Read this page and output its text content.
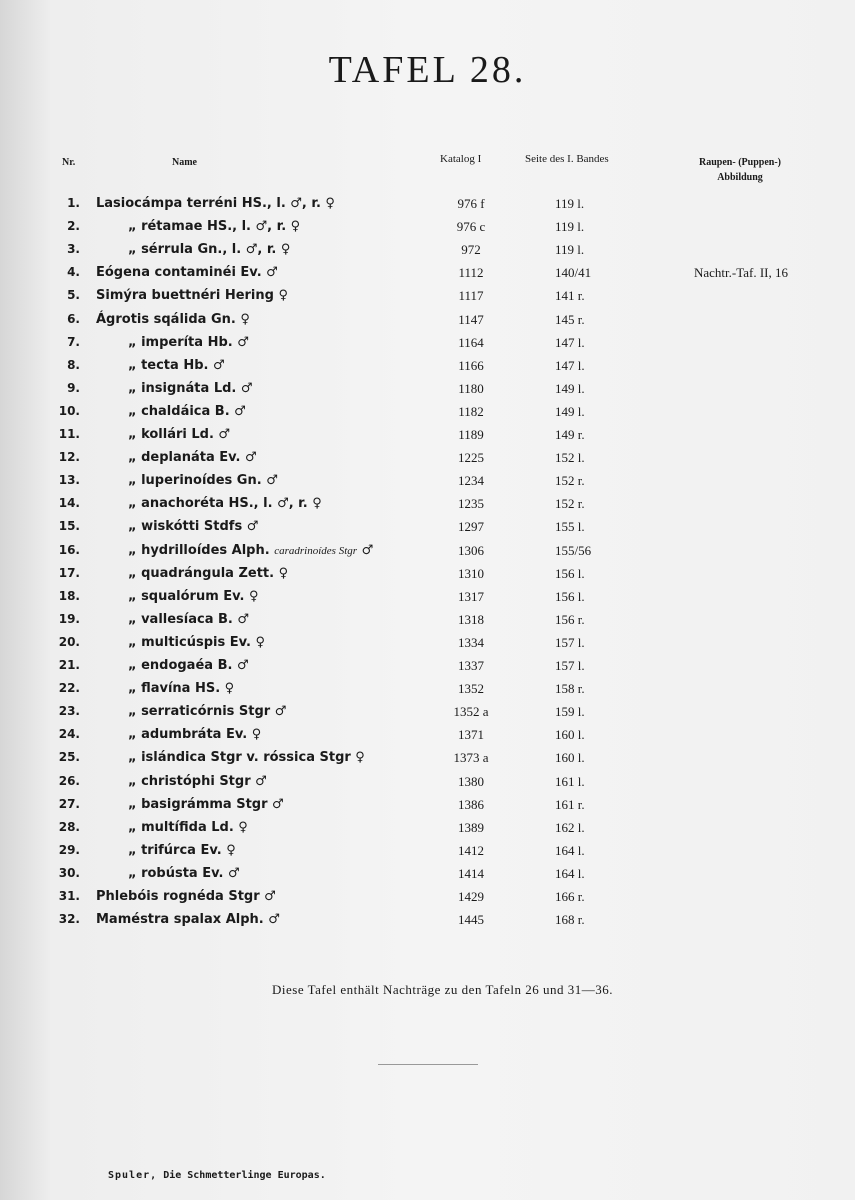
TAFEL 28.
Nr.	Name	Katalog I	Seite des I. Bandes	Raupen- (Puppen-)
Abbildung
1. Lasiocámpa terréni HS., l. ♂, r. ♀	976 f	119 l.
2.	„ rétamae HS., l. ♂, r. ♀	976 c	119 l.
3.	„ sérrula Gn., l. ♂, r. ♀	972	119 l.
4. Eógena contaminéi Ev. ♂	1112	140/41	Nachtr.-Taf. II, 16
5. Simýra buettnéri Hering ♀	1117	141 r.
6. Ágrotis sqálida Gn. ♀	1147	145 r.
7.	„ imperíta Hb. ♂	1164	147 l.
8.	„ tecta Hb. ♂	1166	147 l.
9.	„ insignáta Ld. ♂	1180	149 l.
10.	„ chaldáica B. ♂	1182	149 l.
11.	„ kollári Ld. ♂	1189	149 r.
12.	„ deplanáta Ev. ♂	1225	152 l.
13.	„ luperinoídes Gn. ♂	1234	152 r.
14.	„ anachoréta HS., l. ♂, r. ♀	1235	152 r.
15.	„ wiskótti Stdfs ♂	1297	155 l.
16.	„ hydrilloídes Alph. caradrinoídes Stgr ♂	1306	155/56
17.	„ quadrángula Zett. ♀	1310	156 l.
18.	„ squalórum Ev. ♀	1317	156 l.
19.	„ vallesíaca B. ♂	1318	156 r.
20.	„ multicúspis Ev. ♀	1334	157 l.
21.	„ endogaéa B. ♂	1337	157 l.
22.	„ flavína HS. ♀	1352	158 r.
23.	„ serraticórnis Stgr ♂	1352 a	159 l.
24.	„ adumbráta Ev. ♀	1371	160 l.
25.	„ islándica Stgr v. róssica Stgr ♀	1373 a	160 l.
26.	„ christóphi Stgr ♂	1380	161 l.
27.	„ basigrámma Stgr ♂	1386	161 r.
28.	„ multífida Ld. ♀	1389	162 l.
29.	„ trifúrca Ev. ♀	1412	164 l.
30.	„ robústa Ev. ♂	1414	164 l.
31. Phlebóis rognéda Stgr ♂	1429	166 r.
32. Maméstra spalax Alph. ♂	1445	168 r.
Diese Tafel enthält Nachträge zu den Tafeln 26 und 31—36.
Spuler, Die Schmetterlinge Europas.
